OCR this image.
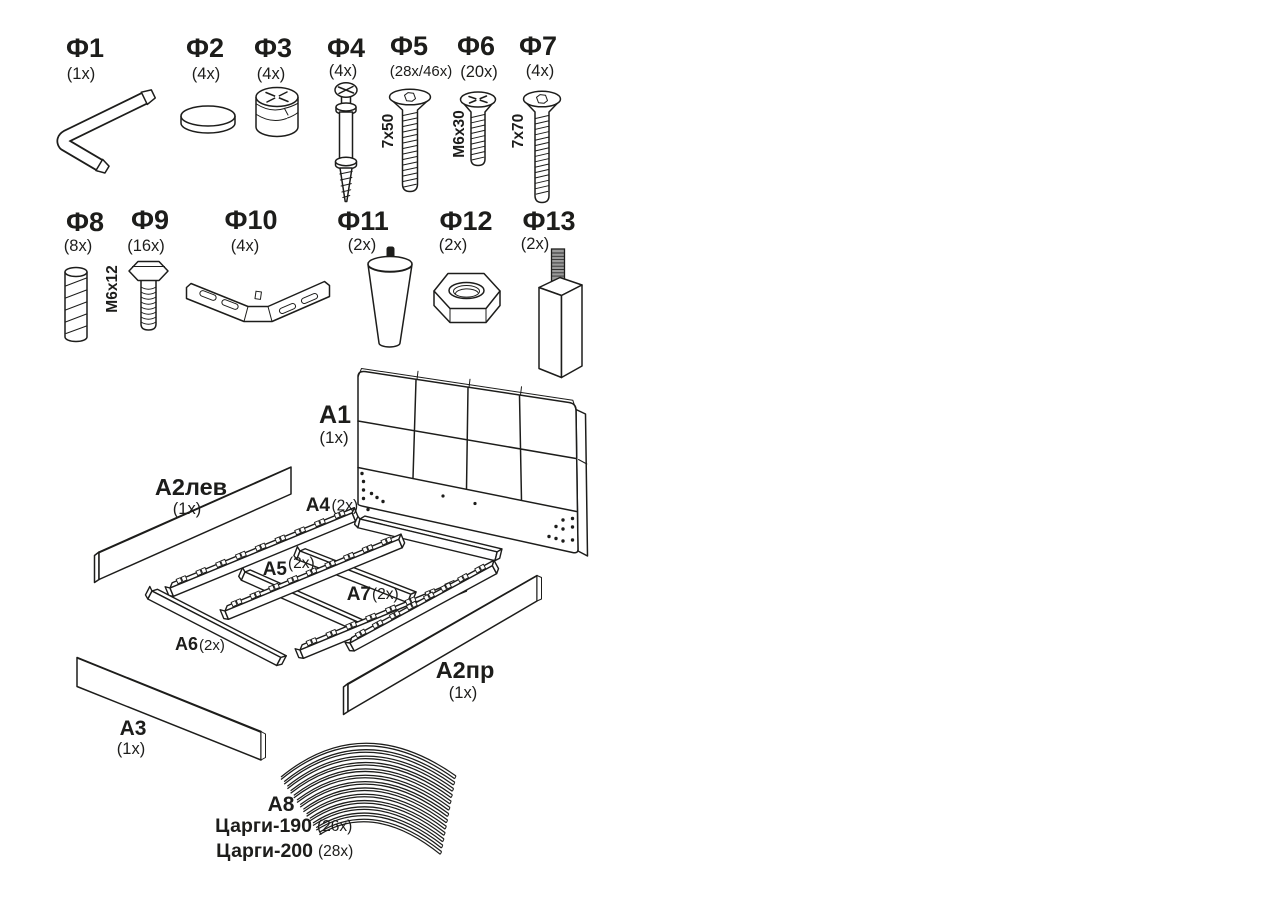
Ф1
(1x)
Ф2
(4x)
Ф3
(4x)
Ф4
(4x)
Ф5
(28x/46x)
Ф6
(20x)
Ф7
(4x)
Ф8
(8x)
Ф9
(16x)
Ф10
(4x)
Ф11
(2x)
Ф12
(2x)
Ф13
(2x)
7x50	M6x30	7x70
M6x12
A1
(1x)
А2лев
(1x)	A4 (2x)
A5 (2x)
A7 (2x)
A6 (2x)
А2пр
(1x)
A3
(1x)
A8
Царги-190 (26x)
Царги-200 (28x)
